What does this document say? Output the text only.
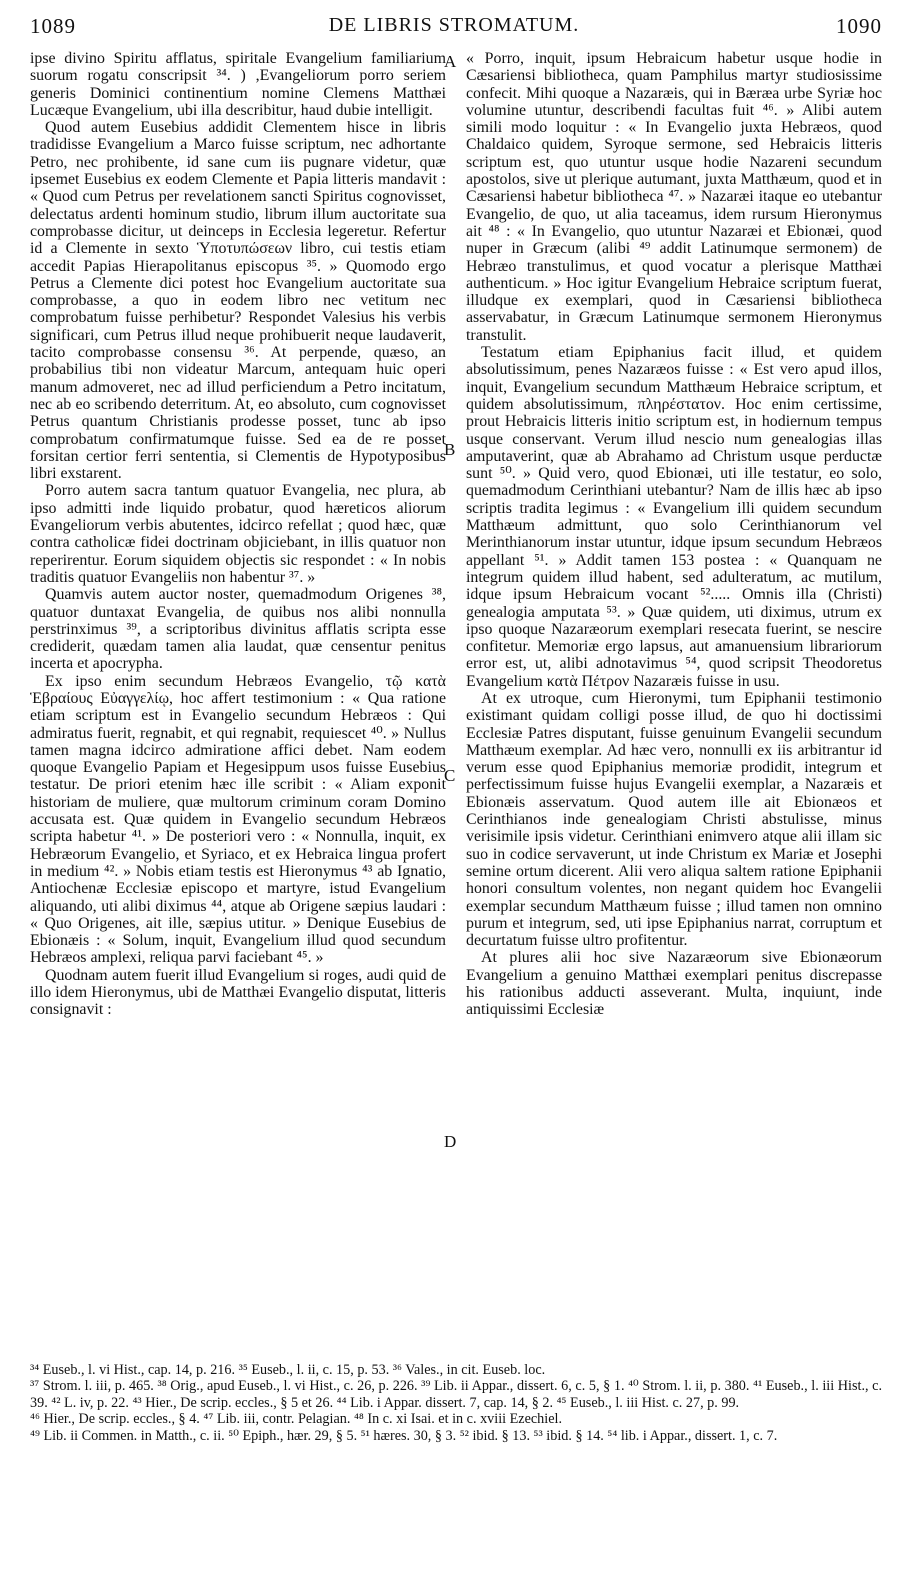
1089	DE LIBRIS STROMATUM.	1090

ipse divino Spiritu afflatus, spiritale Evangelium familiarium suorum rogatu conscripsit ³⁴. ) ,Evangeliorum porro seriem generis Dominici continentium nomine Clemens Matthæi Lucæque Evangelium, ubi illa describitur, haud dubie intelligit.

Quod autem Eusebius addidit Clementem hisce in libris tradidisse Evangelium a Marco fuisse scriptum, nec adhortante Petro, nec prohibente, id sane cum iis pugnare videtur, quæ ipsemet Eusebius ex eodem Clemente et Papia litteris mandavit : « Quod cum Petrus per revelationem sancti Spiritus cognovisset, delectatus ardenti hominum studio, librum illum auctoritate sua comprobasse dicitur, ut deinceps in Ecclesia legeretur. Refertur id a Clemente in sexto Ὑποτυπώσεων libro, cui testis etiam accedit Papias Hierapolitanus episcopus ³⁵. » Quomodo ergo Petrus a Clemente dici potest hoc Evangelium auctoritate sua comprobasse, a quo in eodem libro nec vetitum nec comprobatum fuisse perhibetur? Respondet Valesius his verbis significari, cum Petrus illud neque prohibuerit neque laudaverit, tacito comprobasse consensu ³⁶. At perpende, quæso, an probabilius tibi non videatur Marcum, antequam huic operi manum admoveret, nec ad illud perficiendum a Petro incitatum, nec ab eo scribendo deterritum. At, eo absoluto, cum cognovisset Petrus quantum Christianis prodesse posset, tunc ab ipso comprobatum confirmatumque fuisse. Sed ea de re posset forsitan certior ferri sententia, si Clementis de Hypotyposibus libri exstarent.

Porro autem sacra tantum quatuor Evangelia, nec plura, ab ipso admitti inde liquido probatur, quod hæreticos aliorum Evangeliorum verbis abutentes, idcirco refellat ; quod hæc, quæ contra catholicæ fidei doctrinam objiciebant, in illis quatuor non reperirentur. Eorum siquidem objectis sic respondet : « In nobis traditis quatuor Evangeliis non habentur ³⁷. »

Quamvis autem auctor noster, quemadmodum Origenes ³⁸, quatuor duntaxat Evangelia, de quibus nos alibi nonnulla perstrinximus ³⁹, a scriptoribus divinitus afflatis scripta esse crediderit, quædam tamen alia laudat, quæ censentur penitus incerta et apocrypha.

Ex ipso enim secundum Hebræos Evangelio, τῷ κατὰ Ἑβραίους Εὐαγγελίῳ, hoc affert testimonium : « Qua ratione etiam scriptum est in Evangelio secundum Hebræos : Qui admiratus fuerit, regnabit, et qui regnabit, requiescet ⁴⁰. » Nullus tamen magna idcirco admiratione affici debet. Nam eodem quoque Evangelio Papiam et Hegesippum usos fuisse Eusebius testatur. De priori etenim hæc ille scribit : « Aliam exponit historiam de muliere, quæ multorum criminum coram Domino accusata est. Quæ quidem in Evangelio secundum Hebræos scripta habetur ⁴¹. » De posteriori vero : « Nonnulla, inquit, ex Hebræorum Evangelio, et Syriaco, et ex Hebraica lingua profert in medium ⁴². » Nobis etiam testis est Hieronymus ⁴³ ab Ignatio, Antiochenæ Ecclesiæ episcopo et martyre, istud Evangelium aliquando, uti alibi diximus ⁴⁴, atque ab Origene sæpius laudari : « Quo Origenes, ait ille, sæpius utitur. » Denique Eusebius de Ebionæis : « Solum, inquit, Evangelium illud quod secundum Hebræos amplexi, reliqua parvi faciebant ⁴⁵. »

Quodnam autem fuerit illud Evangelium si roges, audi quid de illo idem Hieronymus, ubi de Matthæi Evangelio disputat, litteris consignavit :

A
B
C
D

« Porro, inquit, ipsum Hebraicum habetur usque hodie in Cæsariensi bibliotheca, quam Pamphilus martyr studiosissime confecit. Mihi quoque a Nazaræis, qui in Bæræa urbe Syriæ hoc volumine utuntur, describendi facultas fuit ⁴⁶. » Alibi autem simili modo loquitur : « In Evangelio juxta Hebræos, quod Chaldaico quidem, Syroque sermone, sed Hebraicis litteris scriptum est, quo utuntur usque hodie Nazareni secundum apostolos, sive ut plerique autumant, juxta Matthæum, quod et in Cæsariensi habetur bibliotheca ⁴⁷. » Nazaræi itaque eo utebantur Evangelio, de quo, ut alia taceamus, idem rursum Hieronymus ait ⁴⁸ : « In Evangelio, quo utuntur Nazaræi et Ebionæi, quod nuper in Græcum (alibi ⁴⁹ addit Latinumque sermonem) de Hebræo transtulimus, et quod vocatur a plerisque Matthæi authenticum. » Hoc igitur Evangelium Hebraice scriptum fuerat, illudque ex exemplari, quod in Cæsariensi bibliotheca asservabatur, in Græcum Latinumque sermonem Hieronymus transtulit.

Testatum etiam Epiphanius facit illud, et quidem absolutissimum, penes Nazaræos fuisse : « Est vero apud illos, inquit, Evangelium secundum Matthæum Hebraice scriptum, et quidem absolutissimum, πληρέστατον. Hoc enim certissime, prout Hebraicis litteris initio scriptum est, in hodiernum tempus usque conservant. Verum illud nescio num genealogias illas amputaverint, quæ ab Abrahamo ad Christum usque perductæ sunt ⁵⁰. » Quid vero, quod Ebionæi, uti ille testatur, eo solo, quemadmodum Cerinthiani utebantur? Nam de illis hæc ab ipso scriptis tradita legimus : « Evangelium illi quidem secundum Matthæum admittunt, quo solo Cerinthianorum vel Merinthianorum instar utuntur, idque ipsum secundum Hebræos appellant ⁵¹. » Addit tamen 153 postea : « Quanquam ne integrum quidem illud habent, sed adulteratum, ac mutilum, idque ipsum Hebraicum vocant ⁵²..... Omnis illa (Christi) genealogia amputata ⁵³. » Quæ quidem, uti diximus, utrum ex ipso quoque Nazaræorum exemplari resecata fuerint, se nescire confitetur. Memoriæ ergo lapsus, aut amanuensium librariorum error est, ut, alibi adnotavimus ⁵⁴, quod scripsit Theodoretus Evangelium κατὰ Πέτρον Nazaræis fuisse in usu.

At ex utroque, cum Hieronymi, tum Epiphanii testimonio existimant quidam colligi posse illud, de quo hi doctissimi Ecclesiæ Patres disputant, fuisse genuinum Evangelii secundum Matthæum exemplar. Ad hæc vero, nonnulli ex iis arbitrantur id verum esse quod Epiphanius memoriæ prodidit, integrum et perfectissimum fuisse hujus Evangelii exemplar, a Nazaræis et Ebionæis asservatum. Quod autem ille ait Ebionæos et Cerinthianos inde genealogiam Christi abstulisse, minus verisimile ipsis videtur. Cerinthiani enimvero atque alii illam sic suo in codice servaverunt, ut inde Christum ex Mariæ et Josephi semine ortum dicerent. Alii vero aliqua saltem ratione Epiphanii honori consultum volentes, non negant quidem hoc Evangelii exemplar secundum Matthæum fuisse ; illud tamen non omnino purum et integrum, sed, uti ipse Epiphanius narrat, corruptum et decurtatum fuisse ultro profitentur.

At plures alii hoc sive Nazaræorum sive Ebionæorum Evangelium a genuino Matthæi exemplari penitus discrepasse his rationibus adducti asseverant. Multa, inquiunt, inde antiquissimi Ecclesiæ

³⁴ Euseb., l. vi Hist., cap. 14, p. 216. ³⁵ Euseb., l. ii, c. 15, p. 53. ³⁶ Vales., in cit. Euseb. loc.

³⁷ Strom. l. iii, p. 465. ³⁸ Orig., apud Euseb., l. vi Hist., c. 26, p. 226. ³⁹ Lib. ii Appar., dissert. 6, c. 5, § 1. ⁴⁰ Strom. l. ii, p. 380. ⁴¹ Euseb., l. iii Hist., c. 39. ⁴² L. iv, p. 22. ⁴³ Hier., De scrip. eccles., § 5 et 26. ⁴⁴ Lib. i Appar. dissert. 7, cap. 14, § 2. ⁴⁵ Euseb., l. iii Hist. c. 27, p. 99.

⁴⁶ Hier., De scrip. eccles., § 4. ⁴⁷ Lib. iii, contr. Pelagian. ⁴⁸ In c. xi Isai. et in c. xviii Ezechiel.

⁴⁹ Lib. ii Commen. in Matth., c. ii. ⁵⁰ Epiph., hær. 29, § 5. ⁵¹ hæres. 30, § 3. ⁵² ibid. § 13. ⁵³ ibid. § 14. ⁵⁴ lib. i Appar., dissert. 1, c. 7.
